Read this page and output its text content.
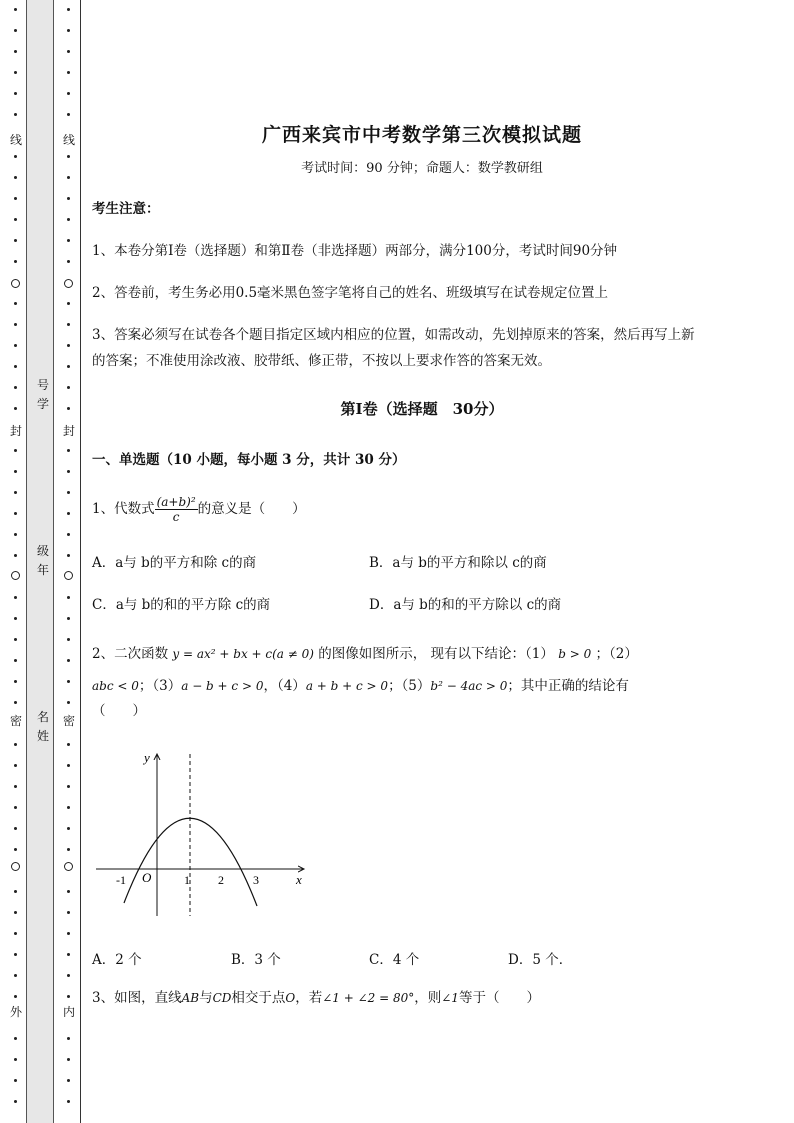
线
封
密
外
线
封
密
内
号
学
级
年
名
姓
广西来宾市中考数学第三次模拟试题
考试时间：90 分钟；命题人：数学教研组
考生注意：
1、本卷分第Ⅰ卷（选择题）和第Ⅱ卷（非选择题）两部分，满分100分，考试时间90分钟
2、答卷前，考生务必用0.5毫米黑色签字笔将自己的姓名、班级填写在试卷规定位置上
3、答案必须写在试卷各个题目指定区域内相应的位置，如需改动，先划掉原来的答案，然后再写上新
的答案；不准使用涂改液、胶带纸、修正带，不按以上要求作答的答案无效。
第Ⅰ卷（选择题　30分）
一、单选题（10 小题，每小题 3 分，共计 30 分）
1、代数式 $\frac{\text{(a+b)²}}{c}$ 的意义是（　　）
A．a与 b的平方和除 c的商	B．a与 b的平方和除以 c的商
C．a与 b的和的平方除 c的商	D．a与 b的和的平方除以 c的商
2、二次函数 y = ax² + bx + c(a ≠ 0) 的图像如图所示， 现有以下结论：（1） b > 0 ；（2）
abc < 0；（3）a − b + c > 0，（4）a + b + c > 0；（5）b² − 4ac > 0；其中正确的结论有
（　　）
y
x
O
-1	1 2 3
A．2 个	B．3 个	C．4 个	D．5 个．
3、如图，直线AB与CD相交于点O，若∠1 + ∠2 = 80°，则∠1等于（　　）
